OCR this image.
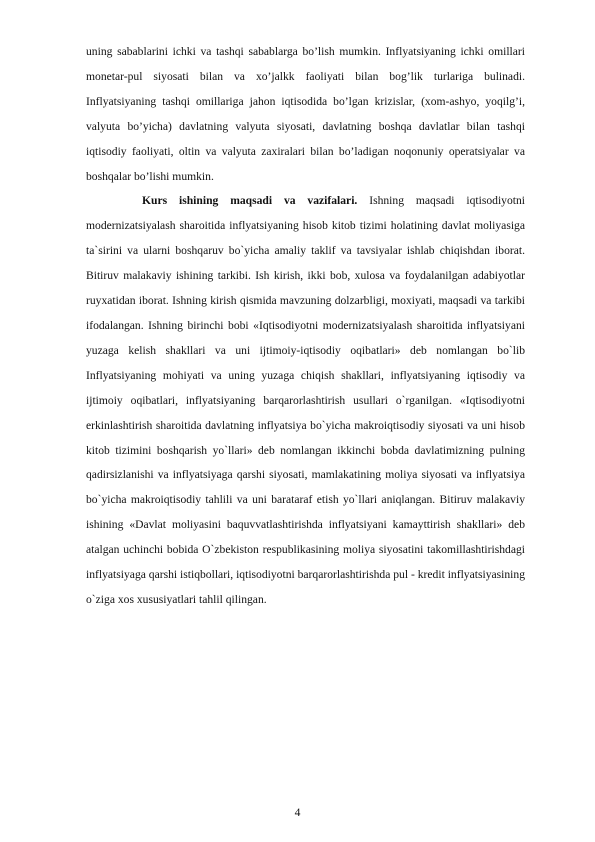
uning sabablarini ichki va tashqi sabablarga bo’lish mumkin. Inflyatsiyaning ichki omillari monetar-pul siyosati bilan va xo’jalkk faoliyati bilan bog’lik turlariga bulinadi. Inflyatsiyaning tashqi omillariga jahon iqtisodida bo’lgan krizislar, (xom-ashyo, yoqilg’i, valyuta bo’yicha) davlatning valyuta siyosati, davlatning boshqa davlatlar bilan tashqi iqtisodiy faoliyati, oltin va valyuta zaxiralari bilan bo’ladigan noqonuniy operatsiyalar va boshqalar bo’lishi mumkin.

Kurs ishining maqsadi va vazifalari. Ishning maqsadi iqtisodiyotni modernizatsiyalash sharoitida inflyatsiyaning hisob kitob tizimi holatining davlat moliyasiga ta`sirini va ularni boshqaruv bo`yicha amaliy taklif va tavsiyalar ishlab chiqishdan iborat. Bitiruv malakaviy ishining tarkibi. Ish kirish, ikki bob, xulosa va foydalanilgan adabiyotlar ruyxatidan iborat. Ishning kirish qismida mavzuning dolzarbligi, moxiyati, maqsadi va tarkibi ifodalangan. Ishning birinchi bobi «Iqtisodiyotni modernizatsiyalash sharoitida inflyatsiyani yuzaga kelish shakllari va uni ijtimoiy-iqtisodiy oqibatlari» deb nomlangan bo`lib Inflyatsiyaning mohiyati va uning yuzaga chiqish shakllari, inflyatsiyaning iqtisodiy va ijtimoiy oqibatlari, inflyatsiyaning barqarorlashtirish usullari o`rganilgan. «Iqtisodiyotni erkinlashtirish sharoitida davlatning inflyatsiya bo`yicha makroiqtisodiy siyosati va uni hisob kitob tizimini boshqarish yo`llari» deb nomlangan ikkinchi bobda davlatimizning pulning qadirsizlanishi va inflyatsiyaga qarshi siyosati, mamlakatining moliya siyosati va inflyatsiya bo`yicha makroiqtisodiy tahlili va uni baratarаf etish yo`llari aniqlangan. Bitiruv malakaviy ishining «Davlat moliyasini baquvvatlashtirishda inflyatsiyani kamayttirish shakllari» deb atalgan uchinchi bobida O`zbekiston respublikasining moliya siyosatini takomillashtirishdagi inflyatsiyaga qarshi istiqbollari, iqtisodiyotni barqarorlashtirishda pul - kredit inflyatsiyasining o`ziga xos xususiyatlari tahlil qilingan.

4
